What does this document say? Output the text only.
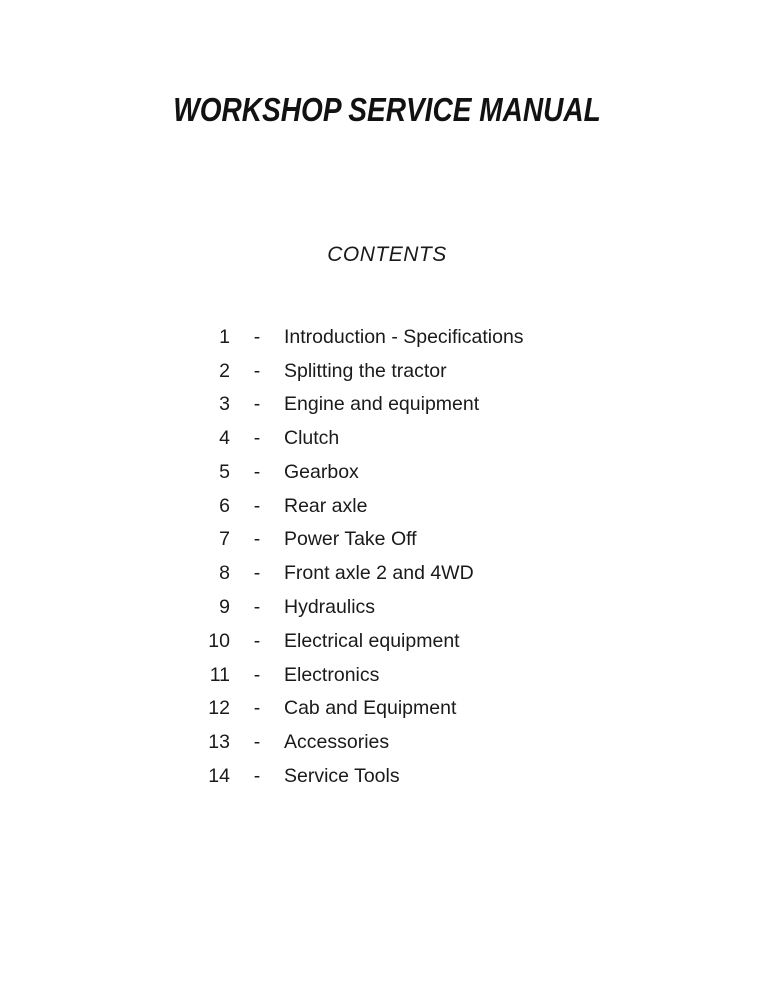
WORKSHOP SERVICE MANUAL
CONTENTS
1	-	Introduction - Specifications
2	-	Splitting the tractor
3	-	Engine and equipment
4	-	Clutch
5	-	Gearbox
6	-	Rear axle
7	-	Power Take Off
8	-	Front axle 2 and 4WD
9	-	Hydraulics
10	-	Electrical equipment
11	-	Electronics
12	-	Cab and Equipment
13	-	Accessories
14	-	Service Tools
